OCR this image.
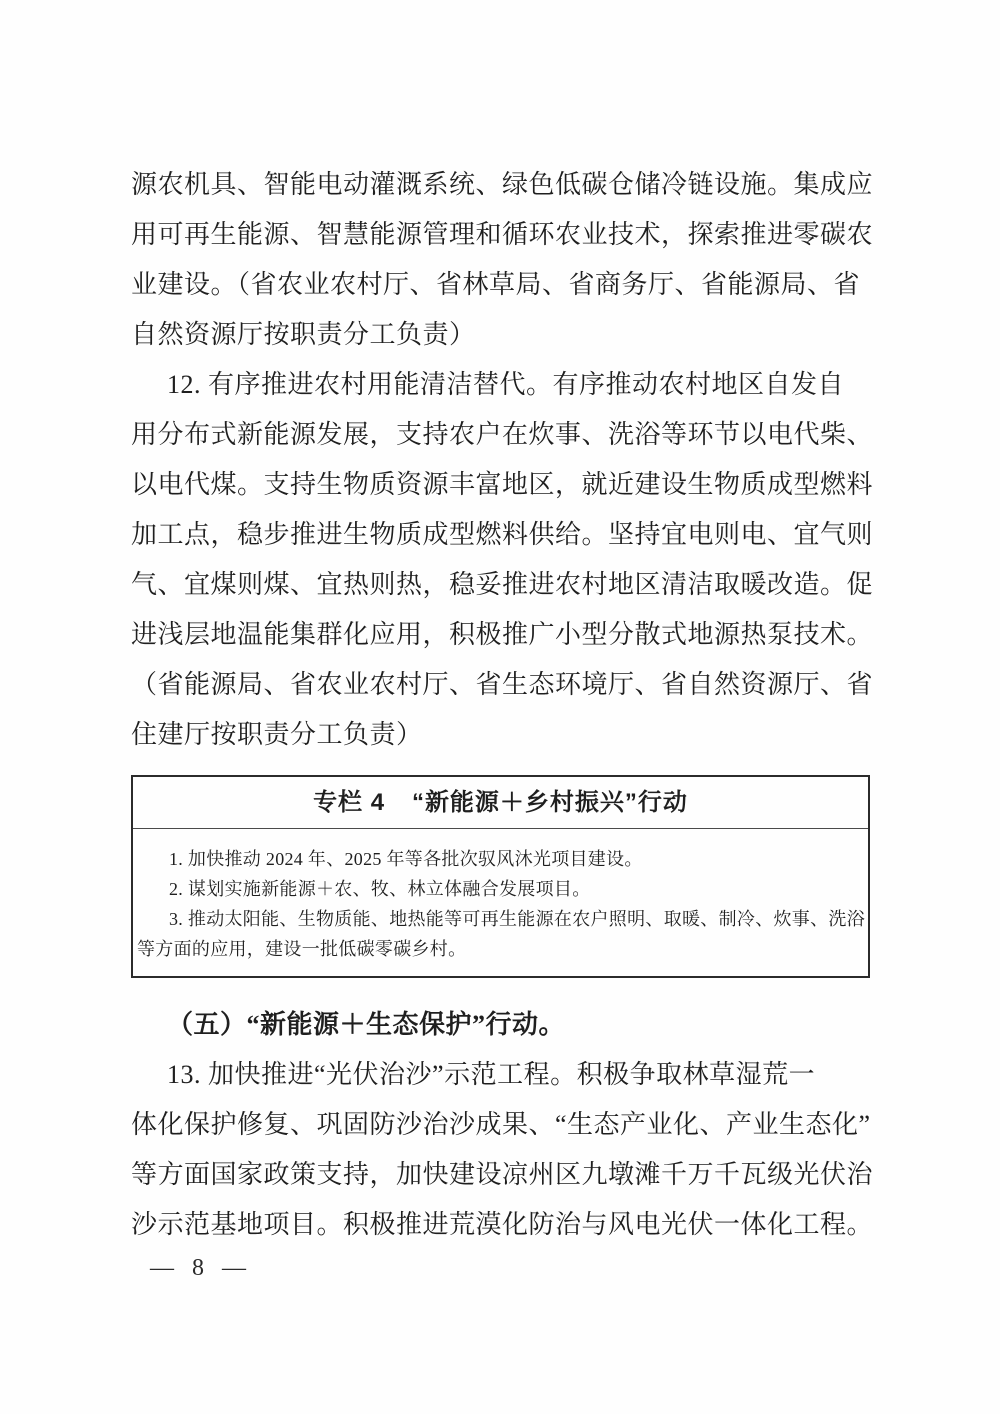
源农机具、智能电动灌溉系统、绿色低碳仓储冷链设施。集成应
用可再生能源、智慧能源管理和循环农业技术，探索推进零碳农
业建设。（省农业农村厅、省林草局、省商务厅、省能源局、省
自然资源厅按职责分工负责）
12. 有序推进农村用能清洁替代。有序推动农村地区自发自
用分布式新能源发展，支持农户在炊事、洗浴等环节以电代柴、
以电代煤。支持生物质资源丰富地区，就近建设生物质成型燃料
加工点，稳步推进生物质成型燃料供给。坚持宜电则电、宜气则
气、宜煤则煤、宜热则热，稳妥推进农村地区清洁取暖改造。促
进浅层地温能集群化应用，积极推广小型分散式地源热泵技术。
（省能源局、省农业农村厅、省生态环境厅、省自然资源厅、省
住建厅按职责分工负责）
专栏 4 “新能源＋乡村振兴”行动
1. 加快推动 2024 年、2025 年等各批次驭风沐光项目建设。
2. 谋划实施新能源＋农、牧、林立体融合发展项目。
3. 推动太阳能、生物质能、地热能等可再生能源在农户照明、取暖、制冷、炊事、洗浴
等方面的应用，建设一批低碳零碳乡村。
（五）“新能源＋生态保护”行动。
13. 加快推进“光伏治沙”示范工程。积极争取林草湿荒一
体化保护修复、巩固防沙治沙成果、“生态产业化、产业生态化”
等方面国家政策支持，加快建设凉州区九墩滩千万千瓦级光伏治
沙示范基地项目。积极推进荒漠化防治与风电光伏一体化工程。
— 8 —
